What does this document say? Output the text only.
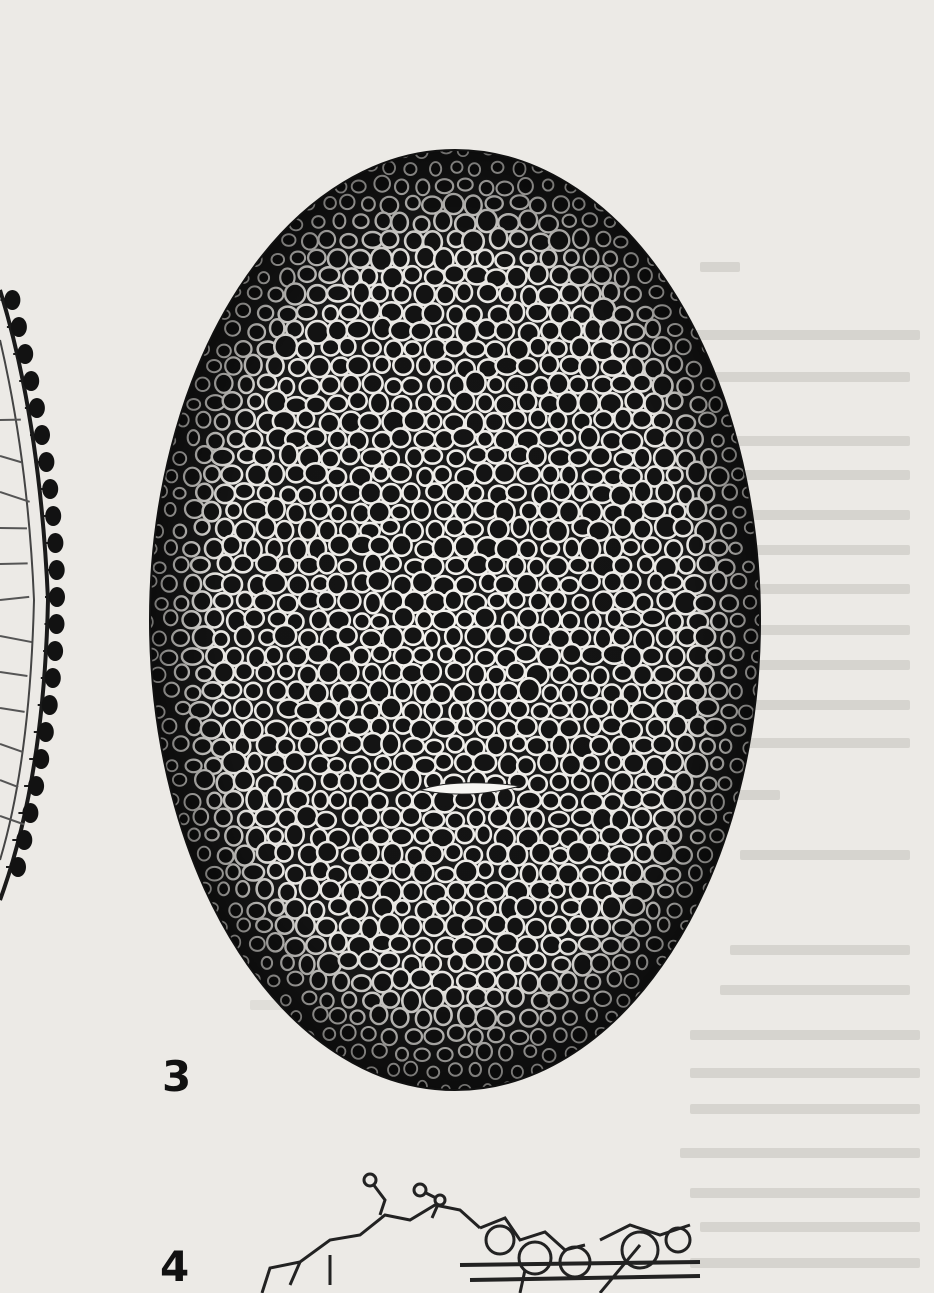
3
4
